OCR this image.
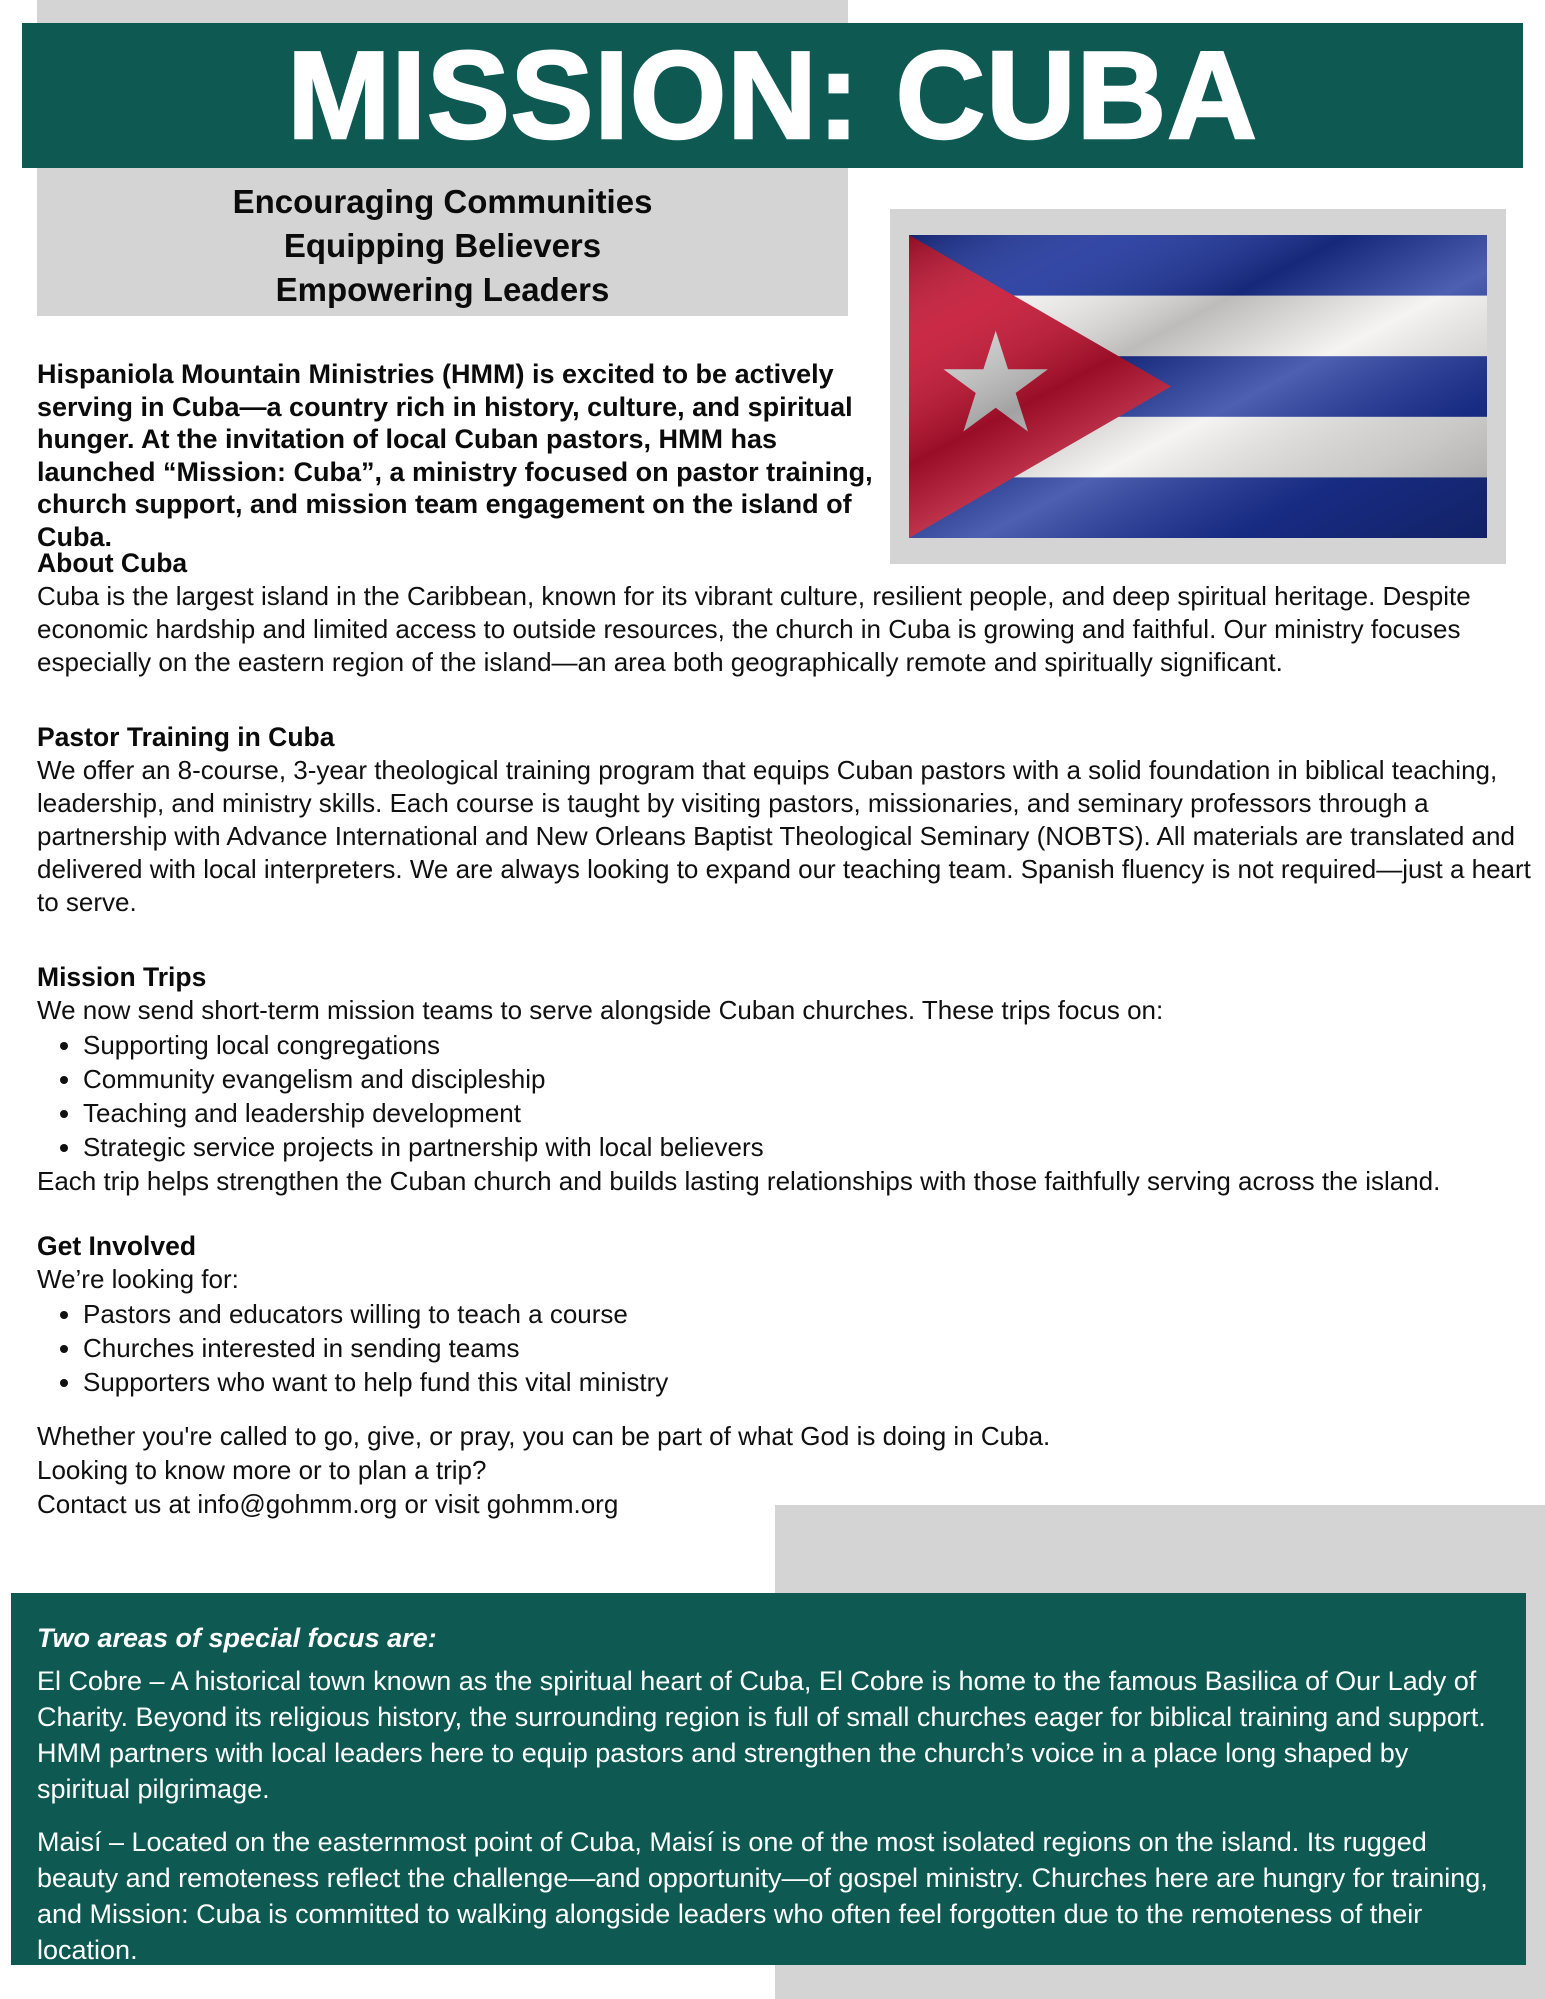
MISSION: CUBA
Encouraging Communities
Equipping Believers
Empowering Leaders

Hispaniola Mountain Ministries (HMM) is excited to be actively serving in Cuba—a country rich in history, culture, and spiritual hunger. At the invitation of local Cuban pastors, HMM has launched “Mission: Cuba”, a ministry focused on pastor training, church support, and mission team engagement on the island of Cuba.

About Cuba

Cuba is the largest island in the Caribbean, known for its vibrant culture, resilient people, and deep spiritual heritage. Despite economic hardship and limited access to outside resources, the church in Cuba is growing and faithful. Our ministry focuses especially on the eastern region of the island—an area both geographically remote and spiritually significant.

Pastor Training in Cuba

We offer an 8-course, 3-year theological training program that equips Cuban pastors with a solid foundation in biblical teaching, leadership, and ministry skills. Each course is taught by visiting pastors, missionaries, and seminary professors through a partnership with Advance International and New Orleans Baptist Theological Seminary (NOBTS). All materials are translated and delivered with local interpreters. We are always looking to expand our teaching team. Spanish fluency is not required—just a heart to serve.

Mission Trips

We now send short-term mission teams to serve alongside Cuban churches. These trips focus on:

• Supporting local congregations
• Community evangelism and discipleship
• Teaching and leadership development
• Strategic service projects in partnership with local believers

Each trip helps strengthen the Cuban church and builds lasting relationships with those faithfully serving across the island.

Get Involved

We’re looking for:

• Pastors and educators willing to teach a course
• Churches interested in sending teams
• Supporters who want to help fund this vital ministry

Whether you're called to go, give, or pray, you can be part of what God is doing in Cuba.

Looking to know more or to plan a trip?

Contact us at info@gohmm.org or visit gohmm.org

Two areas of special focus are:

El Cobre – A historical town known as the spiritual heart of Cuba, El Cobre is home to the famous Basilica of Our Lady of Charity. Beyond its religious history, the surrounding region is full of small churches eager for biblical training and support. HMM partners with local leaders here to equip pastors and strengthen the church’s voice in a place long shaped by spiritual pilgrimage.

Maisí – Located on the easternmost point of Cuba, Maisí is one of the most isolated regions on the island. Its rugged beauty and remoteness reflect the challenge—and opportunity—of gospel ministry. Churches here are hungry for training, and Mission: Cuba is committed to walking alongside leaders who often feel forgotten due to the remoteness of their location.
